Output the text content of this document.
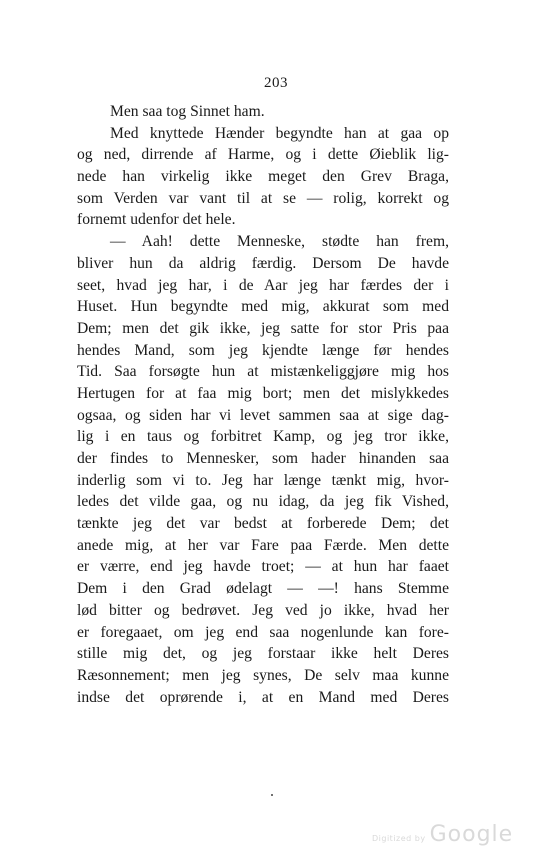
203
Men saa tog Sinnet ham.
Med knyttede Hænder begyndte han at gaa op
og ned, dirrende af Harme, og i dette Øieblik lig-
nede han virkelig ikke meget den Grev Braga,
som Verden var vant til at se — rolig, korrekt og
fornemt udenfor det hele.
— Aah! dette Menneske, stødte han frem,
bliver hun da aldrig færdig. Dersom De havde
seet, hvad jeg har, i de Aar jeg har færdes der i
Huset. Hun begyndte med mig, akkurat som med
Dem; men det gik ikke, jeg satte for stor Pris paa
hendes Mand, som jeg kjendte længe før hendes
Tid. Saa forsøgte hun at mistænkeliggjøre mig hos
Hertugen for at faa mig bort; men det mislykkedes
ogsaa, og siden har vi levet sammen saa at sige dag-
lig i en taus og forbitret Kamp, og jeg tror ikke,
der findes to Mennesker, som hader hinanden saa
inderlig som vi to. Jeg har længe tænkt mig, hvor-
ledes det vilde gaa, og nu idag, da jeg fik Vished,
tænkte jeg det var bedst at forberede Dem; det
anede mig, at her var Fare paa Færde. Men dette
er værre, end jeg havde troet; — at hun har faaet
Dem i den Grad ødelagt — —! hans Stemme
lød bitter og bedrøvet. Jeg ved jo ikke, hvad her
er foregaaet, om jeg end saa nogenlunde kan fore-
stille mig det, og jeg forstaar ikke helt Deres
Ræsonnement; men jeg synes, De selv maa kunne
indse det oprørende i, at en Mand med Deres
Digitized by Google
